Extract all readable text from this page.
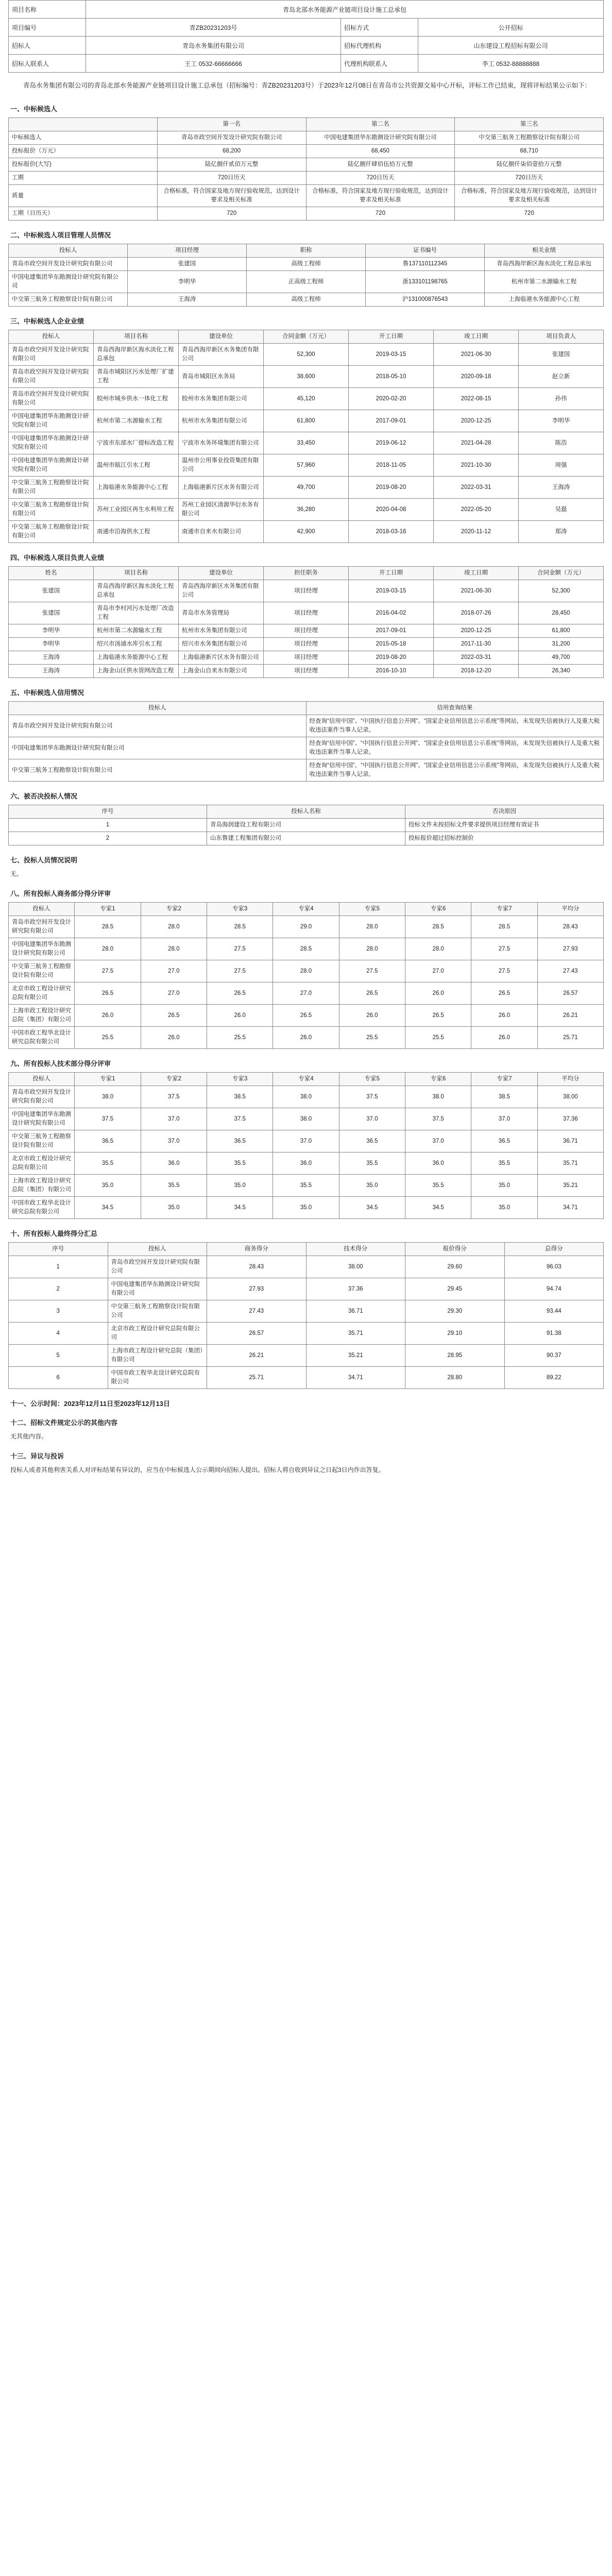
项目名称	青岛北部水务能源产业链项目设计施工总承包		
项目编号	青ZB20231203号	招标方式	公开招标
招标人	青岛水务集团有限公司	招标代理机构	山东建设工程招标有限公司
招标人联系人	王工 0532-66666666	代理机构联系人	李工 0532-88888888
青岛水务集团有限公司的青岛北部水务能源产业链项目设计施工总承包（招标编号：青ZB20231203号）于2023年12月08日在青岛市公共资源交易中心开标，评标工作已结束，现将评标结果公示如下：
一、中标候选人
	第一名	第二名	第三名
中标候选人	青岛市政空间开发设计研究院有限公司	中国电建集团华东勘测设计研究院有限公司	中交第三航务工程勘察设计院有限公司
投标报价（万元）	68,200	68,450	68,710
投标报价(大写)	陆亿捌仟贰佰万元整	陆亿捌仟肆佰伍拾万元整	陆亿捌仟柒佰壹拾万元整
工期	720日历天	720日历天	720日历天
质量	合格标准，符合国家及地方现行验收规范，达到设计要求及相关标准	合格标准，符合国家及地方现行验收规范，达到设计要求及相关标准	合格标准，符合国家及地方现行验收规范，达到设计要求及相关标准
工期（日历天）	720	720	720
二、中标候选人项目管理人员情况
投标人	项目经理	职称	证书编号	相关业绩
青岛市政空间开发设计研究院有限公司	张建国	高级工程师	鲁137110112345	青岛西海岸新区海水淡化工程总承包
中国电建集团华东勘测设计研究院有限公司	李明华	正高级工程师	浙133101198765	杭州市第二水源输水工程
中交第三航务工程勘察设计院有限公司	王海涛	高级工程师	沪131000876543	上海临港水务能源中心工程
三、中标候选人企业业绩
投标人	项目名称	建设单位	合同金额（万元）	开工日期	竣工日期	项目负责人
青岛市政空间开发设计研究院有限公司	青岛西海岸新区海水淡化工程总承包	青岛西海岸新区水务集团有限公司	52,300	2019-03-15	2021-06-30	张建国
青岛市政空间开发设计研究院有限公司	青岛市城阳区污水处理厂扩建工程	青岛市城阳区水务局	38,600	2018-05-10	2020-09-18	赵立新
青岛市政空间开发设计研究院有限公司	胶州市城乡供水一体化工程	胶州市水务集团有限公司	45,120	2020-02-20	2022-08-15	孙伟
中国电建集团华东勘测设计研究院有限公司	杭州市第二水源输水工程	杭州市水务集团有限公司	61,800	2017-09-01	2020-12-25	李明华
中国电建集团华东勘测设计研究院有限公司	宁波市东部水厂提标改造工程	宁波市水务环境集团有限公司	33,450	2019-06-12	2021-04-28	陈浩
中国电建集团华东勘测设计研究院有限公司	温州市瓯江引水工程	温州市公用事业投资集团有限公司	57,960	2018-11-05	2021-10-30	周强
中交第三航务工程勘察设计院有限公司	上海临港水务能源中心工程	上海临港新片区水务有限公司	49,700	2019-08-20	2022-03-31	王海涛
中交第三航务工程勘察设计院有限公司	苏州工业园区再生水利用工程	苏州工业园区清源华衍水务有限公司	36,280	2020-04-08	2022-05-20	吴磊
中交第三航务工程勘察设计院有限公司	南通市沿海供水工程	南通市自来水有限公司	42,900	2018-03-16	2020-11-12	郑涛
四、中标候选人项目负责人业绩
姓名	项目名称	建设单位	担任职务	开工日期	竣工日期	合同金额（万元）
张建国	青岛西海岸新区海水淡化工程总承包	青岛西海岸新区水务集团有限公司	项目经理	2019-03-15	2021-06-30	52,300
张建国	青岛市李村河污水处理厂改造工程	青岛市水务管理局	项目经理	2016-04-02	2018-07-26	28,450
李明华	杭州市第二水源输水工程	杭州市水务集团有限公司	项目经理	2017-09-01	2020-12-25	61,800
李明华	绍兴市汤浦水库引水工程	绍兴市水务集团有限公司	项目经理	2015-05-18	2017-11-30	31,200
王海涛	上海临港水务能源中心工程	上海临港新片区水务有限公司	项目经理	2019-08-20	2022-03-31	49,700
王海涛	上海金山区供水管网改造工程	上海金山自来水有限公司	项目经理	2016-10-10	2018-12-20	26,340
五、中标候选人信用情况
投标人	信用查询结果
青岛市政空间开发设计研究院有限公司	经查询“信用中国”、“中国执行信息公开网”、“国家企业信用信息公示系统”等网站，未发现失信被执行人及重大税收违法案件当事人记录。
中国电建集团华东勘测设计研究院有限公司	经查询“信用中国”、“中国执行信息公开网”、“国家企业信用信息公示系统”等网站，未发现失信被执行人及重大税收违法案件当事人记录。
中交第三航务工程勘察设计院有限公司	经查询“信用中国”、“中国执行信息公开网”、“国家企业信用信息公示系统”等网站，未发现失信被执行人及重大税收违法案件当事人记录。
六、被否决投标人情况
序号	投标人名称	否决原因
1	青岛海润建设工程有限公司	投标文件未按招标文件要求提供项目经理有效证书
2	山东鲁建工程集团有限公司	投标报价超过招标控制价
七、投标人员情况说明
无。
八、所有投标人商务部分得分评审
投标人	专家1	专家2	专家3	专家4	专家5	专家6	专家7	平均分
青岛市政空间开发设计研究院有限公司	28.5	28.0	28.5	29.0	28.0	28.5	28.5	28.43
中国电建集团华东勘测设计研究院有限公司	28.0	28.0	27.5	28.5	28.0	28.0	27.5	27.93
中交第三航务工程勘察设计院有限公司	27.5	27.0	27.5	28.0	27.5	27.0	27.5	27.43
北京市政工程设计研究总院有限公司	26.5	27.0	26.5	27.0	26.5	26.0	26.5	26.57
上海市政工程设计研究总院（集团）有限公司	26.0	26.5	26.0	26.5	26.0	26.5	26.0	26.21
中国市政工程华北设计研究总院有限公司	25.5	26.0	25.5	26.0	25.5	25.5	26.0	25.71
九、所有投标人技术部分得分评审
投标人	专家1	专家2	专家3	专家4	专家5	专家6	专家7	平均分
青岛市政空间开发设计研究院有限公司	38.0	37.5	38.5	38.0	37.5	38.0	38.5	38.00
中国电建集团华东勘测设计研究院有限公司	37.5	37.0	37.5	38.0	37.0	37.5	37.0	37.36
中交第三航务工程勘察设计院有限公司	36.5	37.0	36.5	37.0	36.5	37.0	36.5	36.71
北京市政工程设计研究总院有限公司	35.5	36.0	35.5	36.0	35.5	36.0	35.5	35.71
上海市政工程设计研究总院（集团）有限公司	35.0	35.5	35.0	35.5	35.0	35.5	35.0	35.21
中国市政工程华北设计研究总院有限公司	34.5	35.0	34.5	35.0	34.5	34.5	35.0	34.71
十、所有投标人最终得分汇总
序号	投标人	商务得分	技术得分	报价得分	总得分
1	青岛市政空间开发设计研究院有限公司	28.43	38.00	29.60	96.03
2	中国电建集团华东勘测设计研究院有限公司	27.93	37.36	29.45	94.74
3	中交第三航务工程勘察设计院有限公司	27.43	36.71	29.30	93.44
4	北京市政工程设计研究总院有限公司	26.57	35.71	29.10	91.38
5	上海市政工程设计研究总院（集团）有限公司	26.21	35.21	28.95	90.37
6	中国市政工程华北设计研究总院有限公司	25.71	34.71	28.80	89.22
十一、公示时间：2023年12月11日至2023年12月13日
十二、招标文件规定公示的其他内容
无其他内容。
十三、异议与投诉
投标人或者其他利害关系人对评标结果有异议的，应当在中标候选人公示期间向招标人提出。招标人将自收到异议之日起3日内作出答复。
